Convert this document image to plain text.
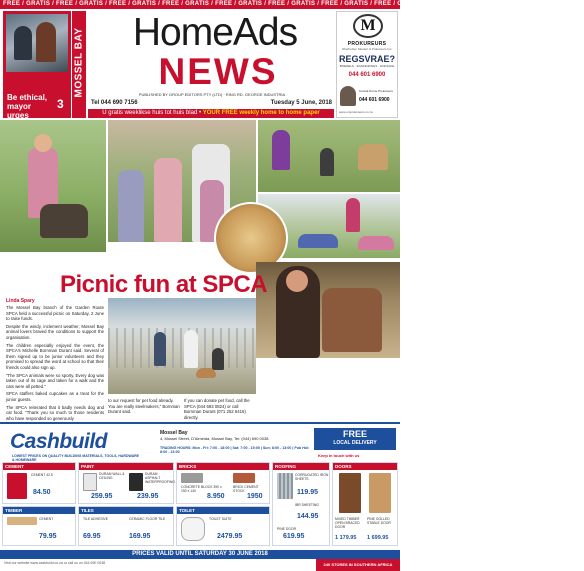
FREE / GRATIS / FREE / GRATIS / FREE / GRATIS / FREE / GRATIS / FREE / GRATIS / FREE / GRATIS / FREE / GRATIS / FREE / GRATIS / FREE / GRATIS / FREE / GRATIS / FREE / GRATIS /
Be ethical, mayor urges
3
MOSSEL BAY	HomeAds
NEWS
PUBLISHED BY GROUP EDITORS PTY (LTD) · RING RD. GEORGE INDUSTRIA
Tel 044 690 7156	Tuesday 5 June, 2018
U gratis weeklikse huis tot huis blad • YOUR FREE weekly home to home paper
M
PROKUREURS
Oberholzer, Mostert & Prokureurs Inc.
REGSVRAE?
BOEDELS · EGSKEIDINGS · HOFSAKE
044 601 6900
Kontak Dorne Prokureurs
044 601 6900
www.omprokureurs.co.za
Picnic fun at SPCA
Linda Spary

The Mossel Bay branch of the Garden Route SPCA held a successful picnic on Saturday, 2 June to raise funds.

Despite the windy, inclement weather, Mossel Bay animal lovers braved the conditions to support the organisation.

The children especially enjoyed the event, the SPCA's Michelle Bornman Durant said. Several of them signed up to be junior volunteers and they promised to spread the word at school so that their friends could also sign up.

"The SPCA animals were so sporty. Every dog was taken out of its cage and taken for a walk and the cats were all petted."

SPCA staffers baked cupcakes as a treat for the junior guests.

The SPCA reiterated that it badly needs dog and cat food. "Thank you so much to those residents who have responded so generously

to our request for pet food already. You are really steelmakers," Bornman Durant said.
If you can donate pet food, call the SPCA (044 693 0824) or call Bornman Durant (071 252 6416) directly.
Cashbuild
LOWEST PRICES ON QUALITY BUILDING MATERIALS, TOOLS, HARDWARE & HOMEWARE
Mossel Bay
4, Mossel Street, D'Almeida, Mossel Bay, Tel: (044) 690 0038
TRADING HOURS: Mon - Fri: 7:00 - 18:00 | Sat: 7:00 - 15:00 | Sun: 8:00 - 13:00 | Pub Hol: 8:00 - 13:00
FREE
LOCAL DELIVERY
Keep in touch with us
CEMENT
CEMENT 42.5
84.50
PAINT
DURAM WALL & CEILING
259.95
DURAM ASPHALT WATERPROOFING
239.95
BRICKS
CONCRETE BLOCK 390 x 190 x 140
8.950
BRICK CEMENT STOCK
1950
ROOFING
CORRUGATED IRON SHEETS
119.95
IBR SHEETING
144.95
619.95
PINE DOOR
DOORS
MIXED TIMBER OPEN BRACED DOOR
1 179.95
PINE GOLLED STABLE DOOR
1 699.95
TIMBER
CEMENT
79.95
TILES
TILE ADHESIVE
69.95
CERAMIC FLOOR TILE
169.95
TOILET
TOILET SUITE
2479.95
PRICES VALID UNTIL SATURDAY 30 JUNE 2018
Visit our website www.cashbuild.co.za or call us on 044 690 0038	240 STORES IN SOUTHERN AFRICA
